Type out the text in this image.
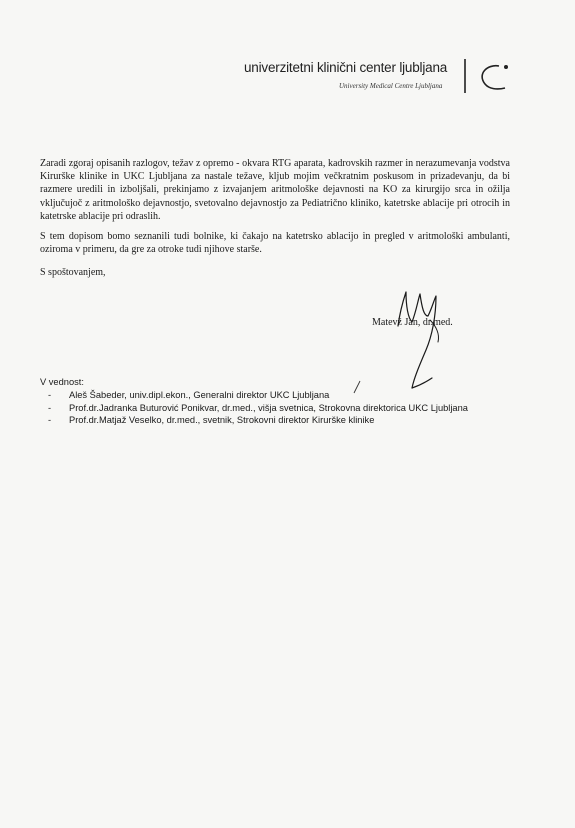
univerzitetni klinični center ljubljana
University Medical Centre Ljubljana

Zaradi zgoraj opisanih razlogov, težav z opremo - okvara RTG aparata, kadrovskih razmer in nerazumevanja vodstva Kirurške klinike in UKC Ljubljana za nastale težave, kljub mojim večkratnim poskusom in prizadevanju, da bi razmere uredili in izboljšali, prekinjamo z izvajanjem aritmološke dejavnosti na KO za kirurgijo srca in ožilja vključujoč z aritmološko dejavnostjo, svetovalno dejavnostjo za Pediatrično kliniko, katetrske ablacije pri otrocih in katetrske ablacije pri odraslih.

S tem dopisom bomo seznanili tudi bolnike, ki čakajo na katetrsko ablacijo in pregled v aritmološki ambulanti, oziroma v primeru, da gre za otroke tudi njihove starše.

S spoštovanjem,
Matevž Jan, dr.med.
V vednost:
- Aleš Šabeder, univ.dipl.ekon., Generalni direktor UKC Ljubljana
- Prof.dr.Jadranka Buturović Ponikvar, dr.med., višja svetnica, Strokovna direktorica UKC Ljubljana
- Prof.dr.Matjaž Veselko, dr.med., svetnik, Strokovni direktor Kirurške klinike
